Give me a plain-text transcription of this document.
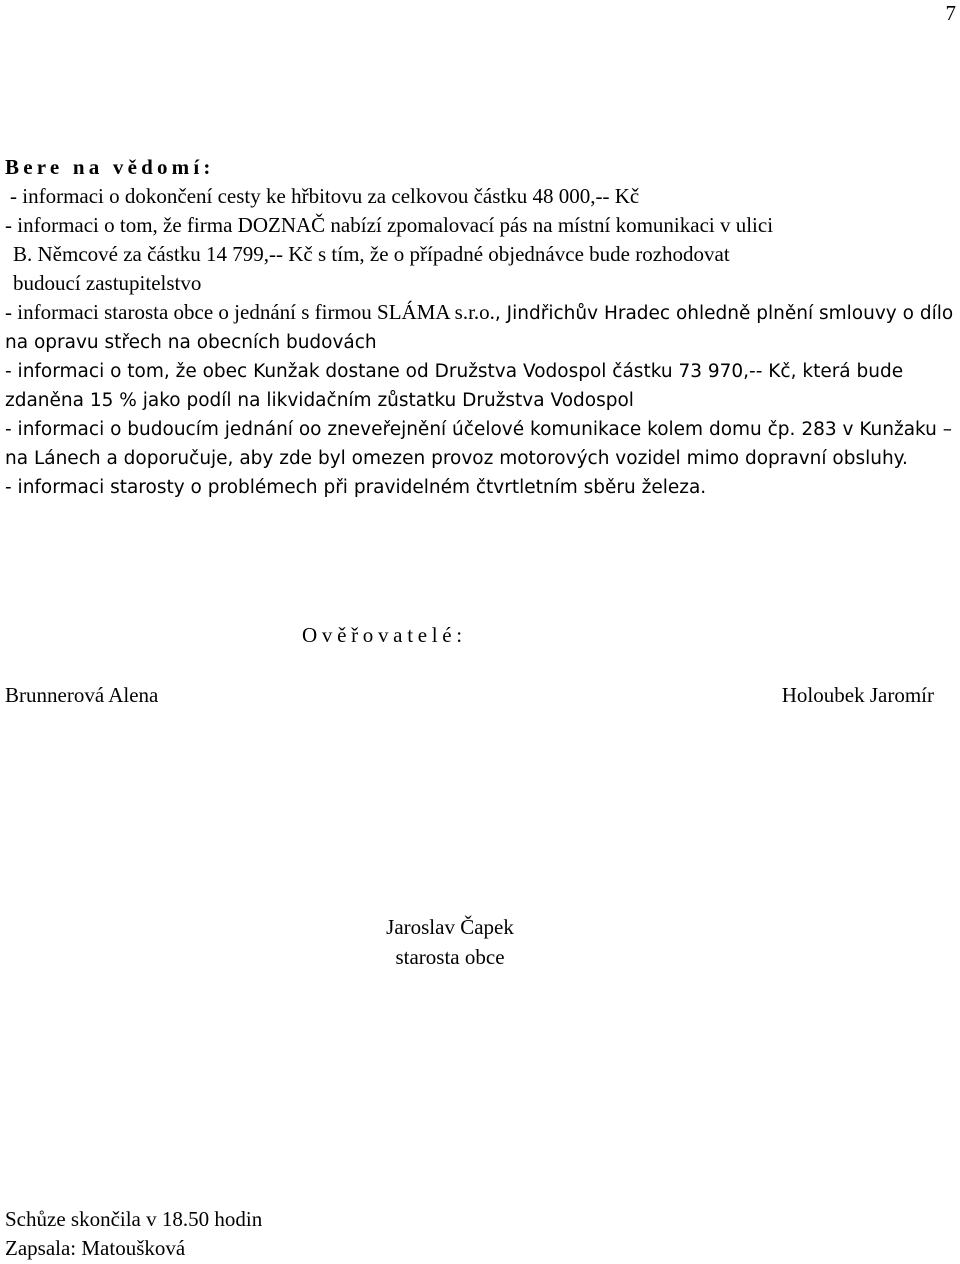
7
Bere na vědomí:

- informaci o dokončení cesty ke hřbitovu za celkovou částku 48 000,-- Kč

- informaci o tom, že firma DOZNAČ nabízí zpomalovací pás na místní komunikaci v ulici
B. Němcové za částku 14 799,-- Kč s tím, že o případné objednávce bude rozhodovat
budoucí zastupitelstvo

- informaci starosta obce o jednání s firmou SLÁMA s.r.o., Jindřichův Hradec ohledně plnění smlouvy o dílo na opravu střech na obecních budovách

- informaci o tom, že obec Kunžak dostane od Družstva Vodospol částku 73 970,-- Kč, která bude zdaněna 15 % jako podíl na likvidačním zůstatku Družstva Vodospol

- informaci o budoucím jednání oo zneveřejnění účelové komunikace kolem domu čp. 283 v Kunžaku – na Lánech a doporučuje, aby zde byl omezen provoz motorových vozidel mimo dopravní obsluhy.

- informaci starosty o problémech při pravidelném čtvrtletním sběru železa.

Ověřovatelé:
Brunnerová Alena	Holoubek Jaromír
Jaroslav Čapek
starosta obce
Schůze skončila v 18.50 hodin
Zapsala: Matoušková
